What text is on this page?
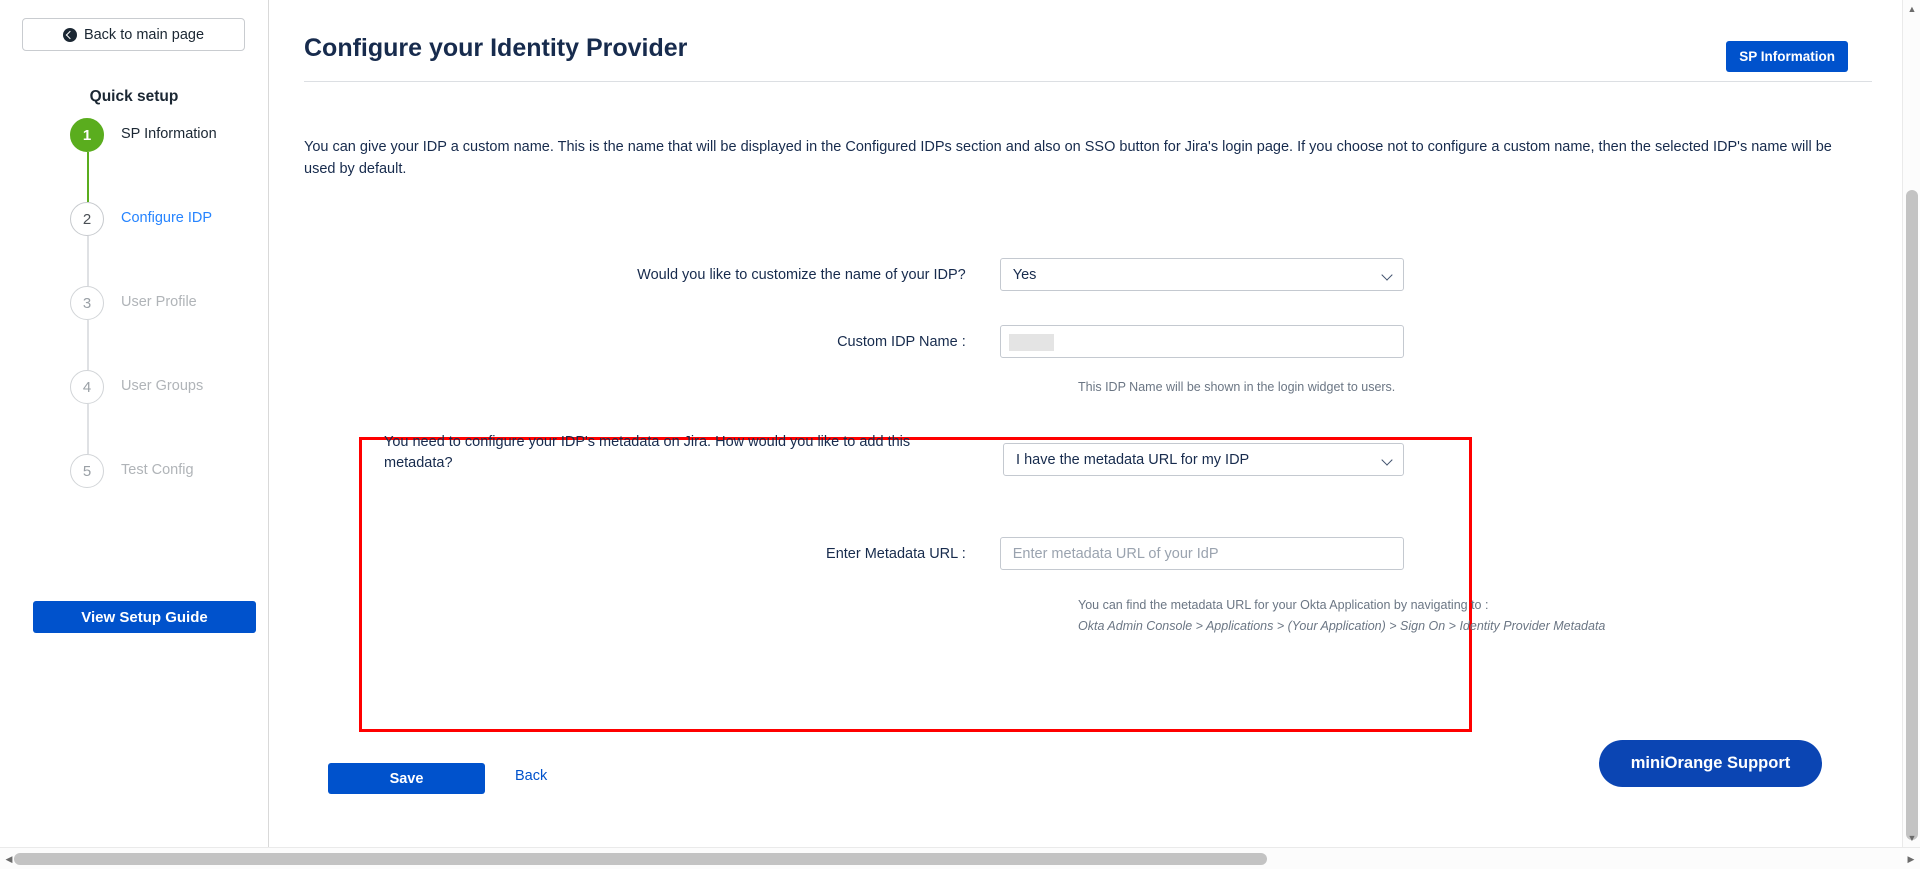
Back to main page
Quick setup
1	SP Information
2	Configure IDP
3	User Profile
4	User Groups
5	Test Config
View Setup Guide
Configure your Identity Provider	SP Information
You can give your IDP a custom name. This is the name that will be displayed in the Configured IDPs section and also on SSO button for Jira's login page. If you choose not to configure a custom name, then the selected IDP's name will be used by default.
Would you like to customize the name of your IDP?	Yes
Custom IDP Name :
This IDP Name will be shown in the login widget to users.
You need to configure your IDP's metadata on Jira. How would you like to add this metadata?	I have the metadata URL for my IDP
Enter Metadata URL :
Enter metadata URL of your IdP
You can find the metadata URL for your Okta Application by navigating to :
Okta Admin Console > Applications > (Your Application) > Sign On > Identity Provider Metadata
Save	Back
miniOrange Support
▲
▼
◀	▶
